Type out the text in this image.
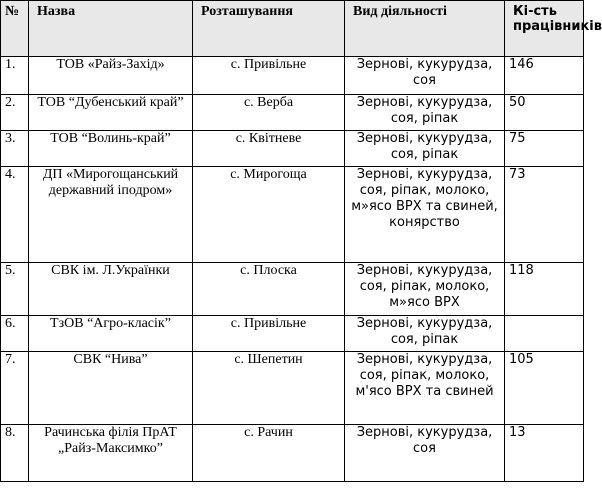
№	Назва	Розташування	Вид діяльності	Кі-сть працівників
1.	ТОВ «Райз-Захід»	с. Привільне	Зернові, кукурудза, соя	146
2.	ТОВ “Дубенський край”	с. Верба	Зернові, кукурудза, соя, ріпак	50
3.	ТОВ “Волинь-край”	с. Квітневе	Зернові, кукурудза, соя, ріпак	75
4.	ДП «Мирогощанський державний іподром»	с. Мирогоща	Зернові, кукурудза, соя, ріпак, молоко, м»ясо ВРХ та свиней, конярство	73
5.	СВК ім. Л.Українки	с. Плоска	Зернові, кукурудза, соя, ріпак, молоко, м»ясо ВРХ	118
6.	ТзОВ “Агро-класік”	с. Привільне	Зернові, кукурудза, соя, ріпак	

7.	СВК “Нива”	с. Шепетин	Зернові, кукурудза, соя, ріпак, молоко, м'ясо ВРХ та свиней	105
8.	Рачинська філія ПрАТ „Райз-Максимко”	с. Рачин	Зернові, кукурудза, соя	13
